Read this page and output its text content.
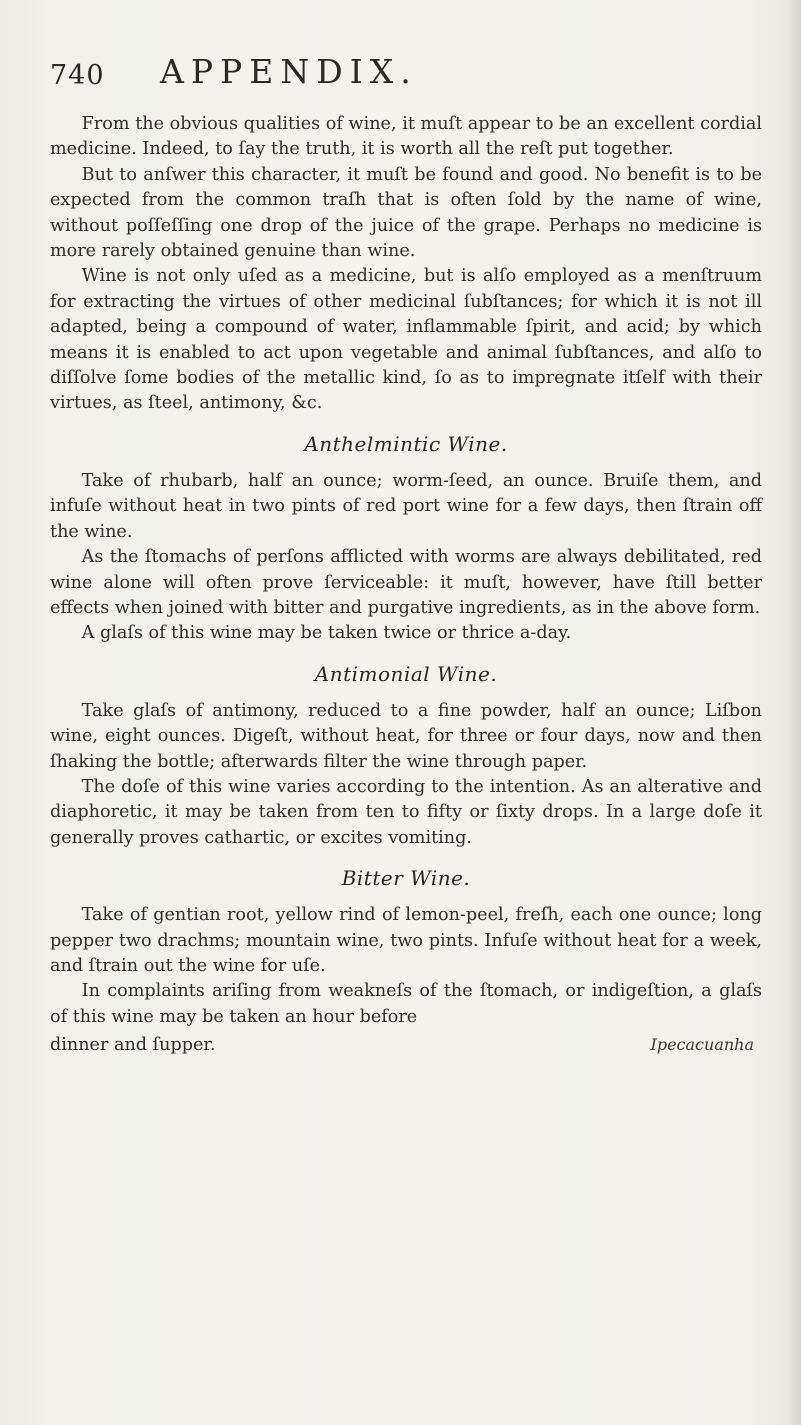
740 APPENDIX.

From the obvious qualities of wine, it muſt appear to be an excellent cordial medicine. Indeed, to ſay the truth, it is worth all the reſt put together.

But to anſwer this character, it muſt be found and good. No benefit is to be expected from the common traſh that is often ſold by the name of wine, without poſſeſſing one drop of the juice of the grape. Perhaps no medicine is more rarely obtained genuine than wine.

Wine is not only uſed as a medicine, but is alſo employed as a menſtruum for extracting the virtues of other medicinal ſubſtances; for which it is not ill adapted, being a compound of water, inflammable ſpirit, and acid; by which means it is enabled to act upon vegetable and animal ſubſtances, and alſo to diſſolve ſome bodies of the metallic kind, ſo as to impregnate itſelf with their virtues, as ſteel, antimony, &c.

Anthelmintic Wine.

Take of rhubarb, half an ounce; worm-ſeed, an ounce. Bruiſe them, and infuſe without heat in two pints of red port wine for a few days, then ſtrain off the wine.

As the ſtomachs of perſons afflicted with worms are always debilitated, red wine alone will often prove ſerviceable: it muſt, however, have ſtill better effects when joined with bitter and purgative ingredients, as in the above form.

A glaſs of this wine may be taken twice or thrice a-day.

Antimonial Wine.

Take glaſs of antimony, reduced to a fine powder, half an ounce; Liſbon wine, eight ounces. Digeſt, without heat, for three or four days, now and then ſhaking the bottle; afterwards filter the wine through paper.

The doſe of this wine varies according to the intention. As an alterative and diaphoretic, it may be taken from ten to fifty or ſixty drops. In a large doſe it generally proves cathartic, or excites vomiting.

Bitter Wine.

Take of gentian root, yellow rind of lemon-peel, freſh, each one ounce; long pepper two drachms; mountain wine, two pints. Infuſe without heat for a week, and ſtrain out the wine for uſe.

In complaints ariſing from weakneſs of the ſtomach, or indigeſtion, a glaſs of this wine may be taken an hour before

dinner and ſupper.	Ipecacuanha
